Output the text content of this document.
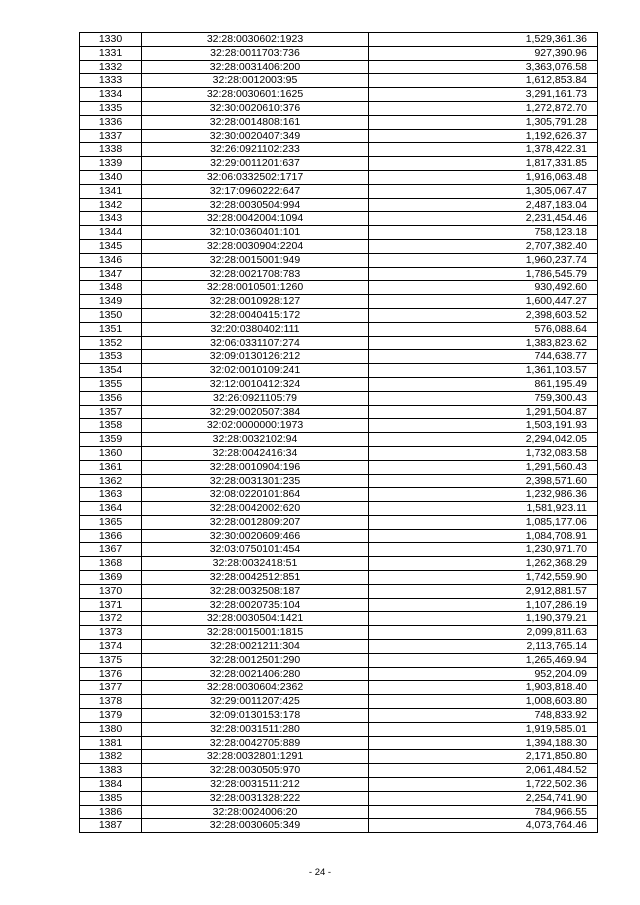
1330	32:28:0030602:1923	1,529,361.36
1331	32:28:0011703:736	927,390.96
1332	32:28:0031406:200	3,363,076.58
1333	32:28:0012003:95	1,612,853.84
1334	32:28:0030601:1625	3,291,161.73
1335	32:30:0020610:376	1,272,872.70
1336	32:28:0014808:161	1,305,791.28
1337	32:30:0020407:349	1,192,626.37
1338	32:26:0921102:233	1,378,422.31
1339	32:29:0011201:637	1,817,331.85
1340	32:06:0332502:1717	1,916,063.48
1341	32:17:0960222:647	1,305,067.47
1342	32:28:0030504:994	2,487,183.04
1343	32:28:0042004:1094	2,231,454.46
1344	32:10:0360401:101	758,123.18
1345	32:28:0030904:2204	2,707,382.40
1346	32:28:0015001:949	1,960,237.74
1347	32:28:0021708:783	1,786,545.79
1348	32:28:0010501:1260	930,492.60
1349	32:28:0010928:127	1,600,447.27
1350	32:28:0040415:172	2,398,603.52
1351	32:20:0380402:111	576,088.64
1352	32:06:0331107:274	1,383,823.62
1353	32:09:0130126:212	744,638.77
1354	32:02:0010109:241	1,361,103.57
1355	32:12:0010412:324	861,195.49
1356	32:26:0921105:79	759,300.43
1357	32:29:0020507:384	1,291,504.87
1358	32:02:0000000:1973	1,503,191.93
1359	32:28:0032102:94	2,294,042.05
1360	32:28:0042416:34	1,732,083.58
1361	32:28:0010904:196	1,291,560.43
1362	32:28:0031301:235	2,398,571.60
1363	32:08:0220101:864	1,232,986.36
1364	32:28:0042002:620	1,581,923.11
1365	32:28:0012809:207	1,085,177.06
1366	32:30:0020609:466	1,084,708.91
1367	32:03:0750101:454	1,230,971.70
1368	32:28:0032418:51	1,262,368.29
1369	32:28:0042512:851	1,742,559.90
1370	32:28:0032508:187	2,912,881.57
1371	32:28:0020735:104	1,107,286.19
1372	32:28:0030504:1421	1,190,379.21
1373	32:28:0015001:1815	2,099,811.63
1374	32:28:0021211:304	2,113,765.14
1375	32:28:0012501:290	1,265,469.94
1376	32:28:0021406:280	952,204.09
1377	32:28:0030604:2362	1,903,818.40
1378	32:29:0011207:425	1,008,603.80
1379	32:09:0130153:178	748,833.92
1380	32:28:0031511:280	1,919,585.01
1381	32:28:0042705:889	1,394,188.30
1382	32:28:0032801:1291	2,171,850.80
1383	32:28:0030505:970	2,061,484.52
1384	32:28:0031511:212	1,722,502.36
1385	32:28:0031328:222	2,254,741.90
1386	32:28:0024006:20	784,966.55
1387	32:28:0030605:349	4,073,764.46
- 24 -
